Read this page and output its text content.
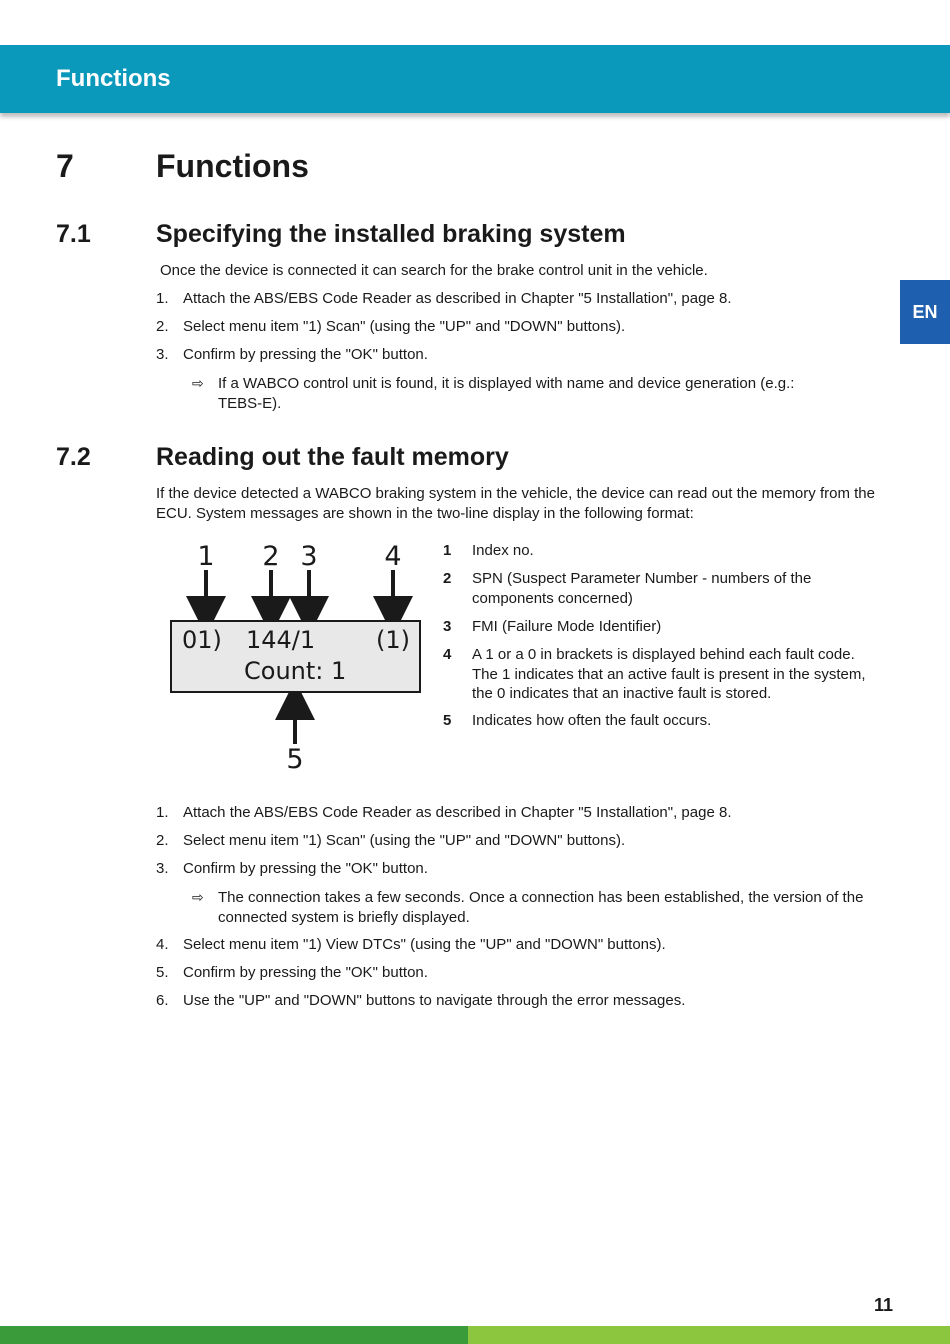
Functions
EN
7	Functions
7.1	Specifying the installed braking system
Once the device is connected it can search for the brake control unit in the vehicle.
1. Attach the ABS/EBS Code Reader as described in Chapter "5 Installation", page 8.
2. Select menu item "1) Scan" (using the "UP" and "DOWN" buttons).
3. Confirm by pressing the "OK" button.
⇨ If a WABCO control unit is found, it is displayed with name and device generation (e.g.: TEBS-E).
7.2	Reading out the fault memory
If the device detected a WABCO braking system in the vehicle, the device can read out the memory from the ECU. System messages are shown in the two-line display in the following format:
1 2 3 4
5
01) 144/1	(1)
Count: 1
1 Index no.
2 SPN (Suspect Parameter Number - numbers of the components concerned)
3 FMI (Failure Mode Identifier)
4 A 1 or a 0 in brackets is displayed behind each fault code. The 1 indicates that an active fault is present in the system, the 0 indicates that an inactive fault is stored.
5 Indicates how often the fault occurs.
1. Attach the ABS/EBS Code Reader as described in Chapter "5 Installation", page 8.
2. Select menu item "1) Scan" (using the "UP" and "DOWN" buttons).
3. Confirm by pressing the "OK" button.
⇨ The connection takes a few seconds. Once a connection has been established, the version of the connected system is briefly displayed.
4. Select menu item "1) View DTCs" (using the "UP" and "DOWN" buttons).
5. Confirm by pressing the "OK" button.
6. Use the "UP" and "DOWN" buttons to navigate through the error messages.
11
